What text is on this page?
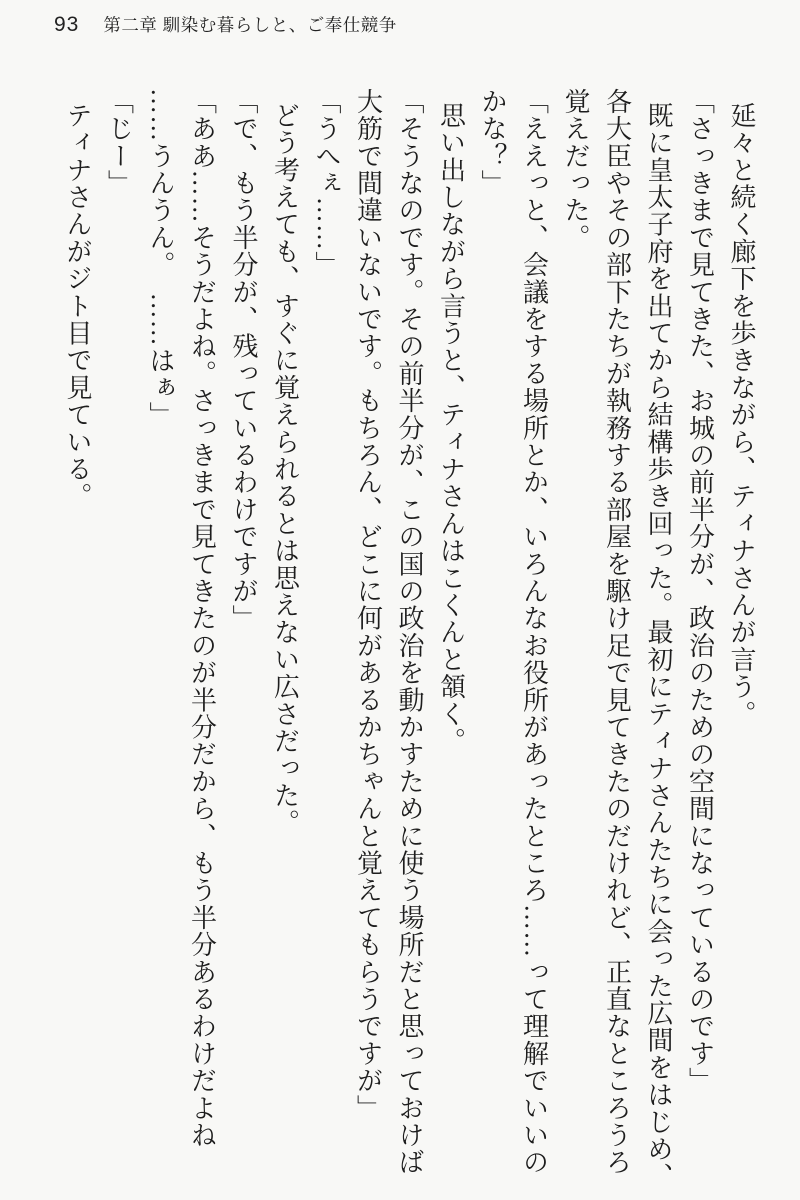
93 第二章 馴染む暮らしと、ご奉仕競争
延々と続く廊下を歩きながら、ティナさんが言う。
「さっきまで見てきた、お城の前半分が、政治のための空間になっているのです」
既に皇太子府を出てから結構歩き回った。最初にティナさんたちに会った広間をはじめ、
各大臣やその部下たちが執務する部屋を駆け足で見てきたのだけれど、正直なところうろ
覚えだった。
「ええっと、会議をする場所とか、いろんなお役所があったところ……って理解でいいの
かな？」
思い出しながら言うと、ティナさんはこくんと頷く。
「そうなのです。その前半分が、この国の政治を動かすために使う場所だと思っておけば
大筋で間違いないです。もちろん、どこに何があるかちゃんと覚えてもらうですが」
「うへぇ……」
どう考えても、すぐに覚えられるとは思えない広さだった。
「で、もう半分が、残っているわけですが」
「ああ……そうだよね。さっきまで見てきたのが半分だから、もう半分あるわけだよね
……うんうん。　……はぁ」
「じー」
ティナさんがジト目で見ている。
